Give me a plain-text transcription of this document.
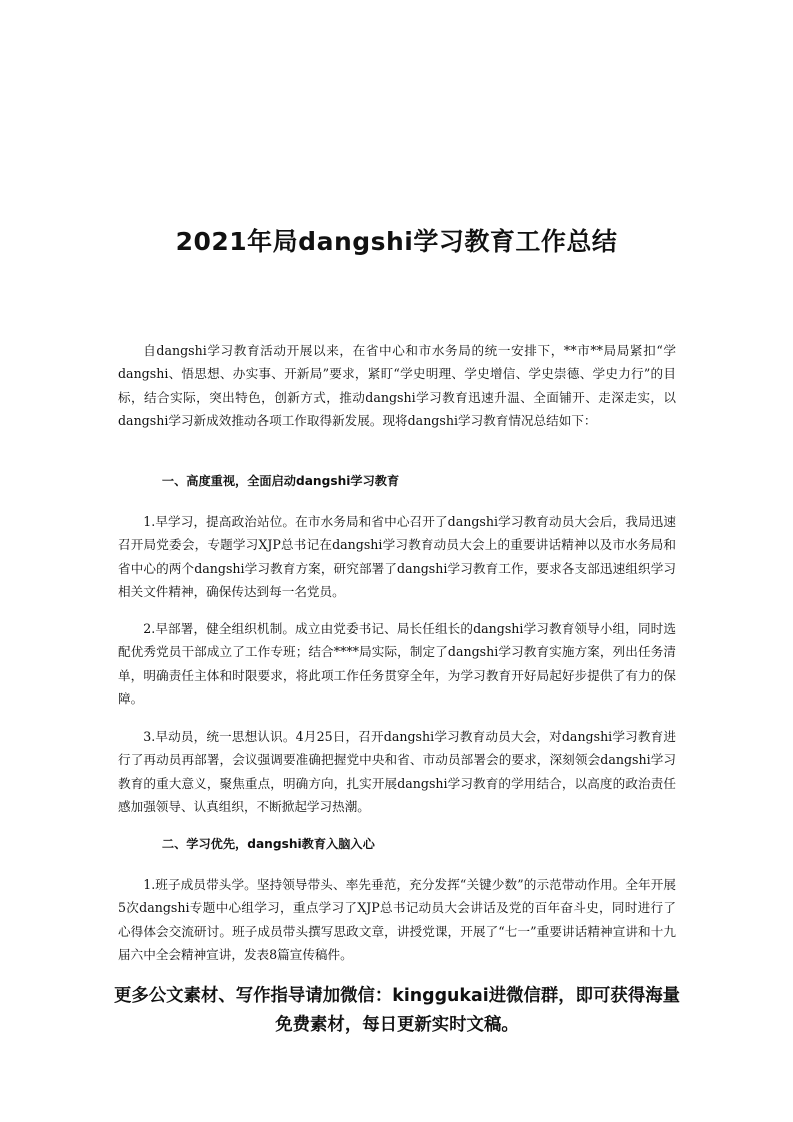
2021年局dangshi学习教育工作总结

自dangshi学习教育活动开展以来，在省中心和市水务局的统一安排下，**市**局局紧扣“学dangshi、悟思想、办实事、开新局”要求，紧盯“学史明理、学史增信、学史崇德、学史力行”的目标，结合实际，突出特色，创新方式，推动dangshi学习教育迅速升温、全面铺开、走深走实，以dangshi学习新成效推动各项工作取得新发展。现将dangshi学习教育情况总结如下：

一、高度重视，全面启动dangshi学习教育

1.早学习，提高政治站位。在市水务局和省中心召开了dangshi学习教育动员大会后，我局迅速召开局党委会，专题学习XJP总书记在dangshi学习教育动员大会上的重要讲话精神以及市水务局和省中心的两个dangshi学习教育方案，研究部署了dangshi学习教育工作，要求各支部迅速组织学习相关文件精神，确保传达到每一名党员。

2.早部署，健全组织机制。成立由党委书记、局长任组长的dangshi学习教育领导小组，同时选配优秀党员干部成立了工作专班；结合****局实际，制定了dangshi学习教育实施方案，列出任务清单，明确责任主体和时限要求，将此项工作任务贯穿全年，为学习教育开好局起好步提供了有力的保障。

3.早动员，统一思想认识。4月25日，召开dangshi学习教育动员大会，对dangshi学习教育进行了再动员再部署，会议强调要准确把握党中央和省、市动员部署会的要求，深刻领会dangshi学习教育的重大意义，聚焦重点，明确方向，扎实开展dangshi学习教育的学用结合，以高度的政治责任感加强领导、认真组织，不断掀起学习热潮。

二、学习优先，dangshi教育入脑入心

1.班子成员带头学。坚持领导带头、率先垂范，充分发挥“关键少数”的示范带动作用。全年开展5次dangshi专题中心组学习，重点学习了XJP总书记动员大会讲话及党的百年奋斗史，同时进行了心得体会交流研讨。班子成员带头撰写思政文章，讲授党课，开展了“七一”重要讲话精神宣讲和十九届六中全会精神宣讲，发表8篇宣传稿件。

更多公文素材、写作指导请加微信：kinggukai进微信群，即可获得海量免费素材，每日更新实时文稿。
